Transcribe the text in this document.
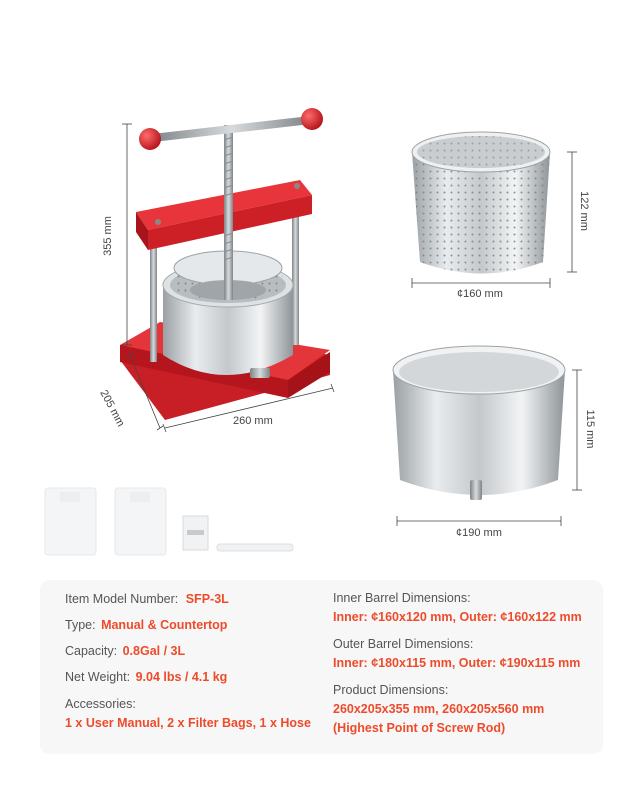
355 mm
205 mm	260 mm
122 mm
¢160 mm
115 mm
¢190 mm
Item Model Number: SFP-3L
Type: Manual & Countertop
Capacity: 0.8Gal / 3L
Net Weight: 9.04 lbs / 4.1 kg
Accessories:
1 x User Manual, 2 x Filter Bags, 1 x Hose
Inner Barrel Dimensions:
Inner: ¢160x120 mm, Outer: ¢160x122 mm
Outer Barrel Dimensions:
Inner: ¢180x115 mm, Outer: ¢190x115 mm
Product Dimensions:
260x205x355 mm, 260x205x560 mm
(Highest Point of Screw Rod)
